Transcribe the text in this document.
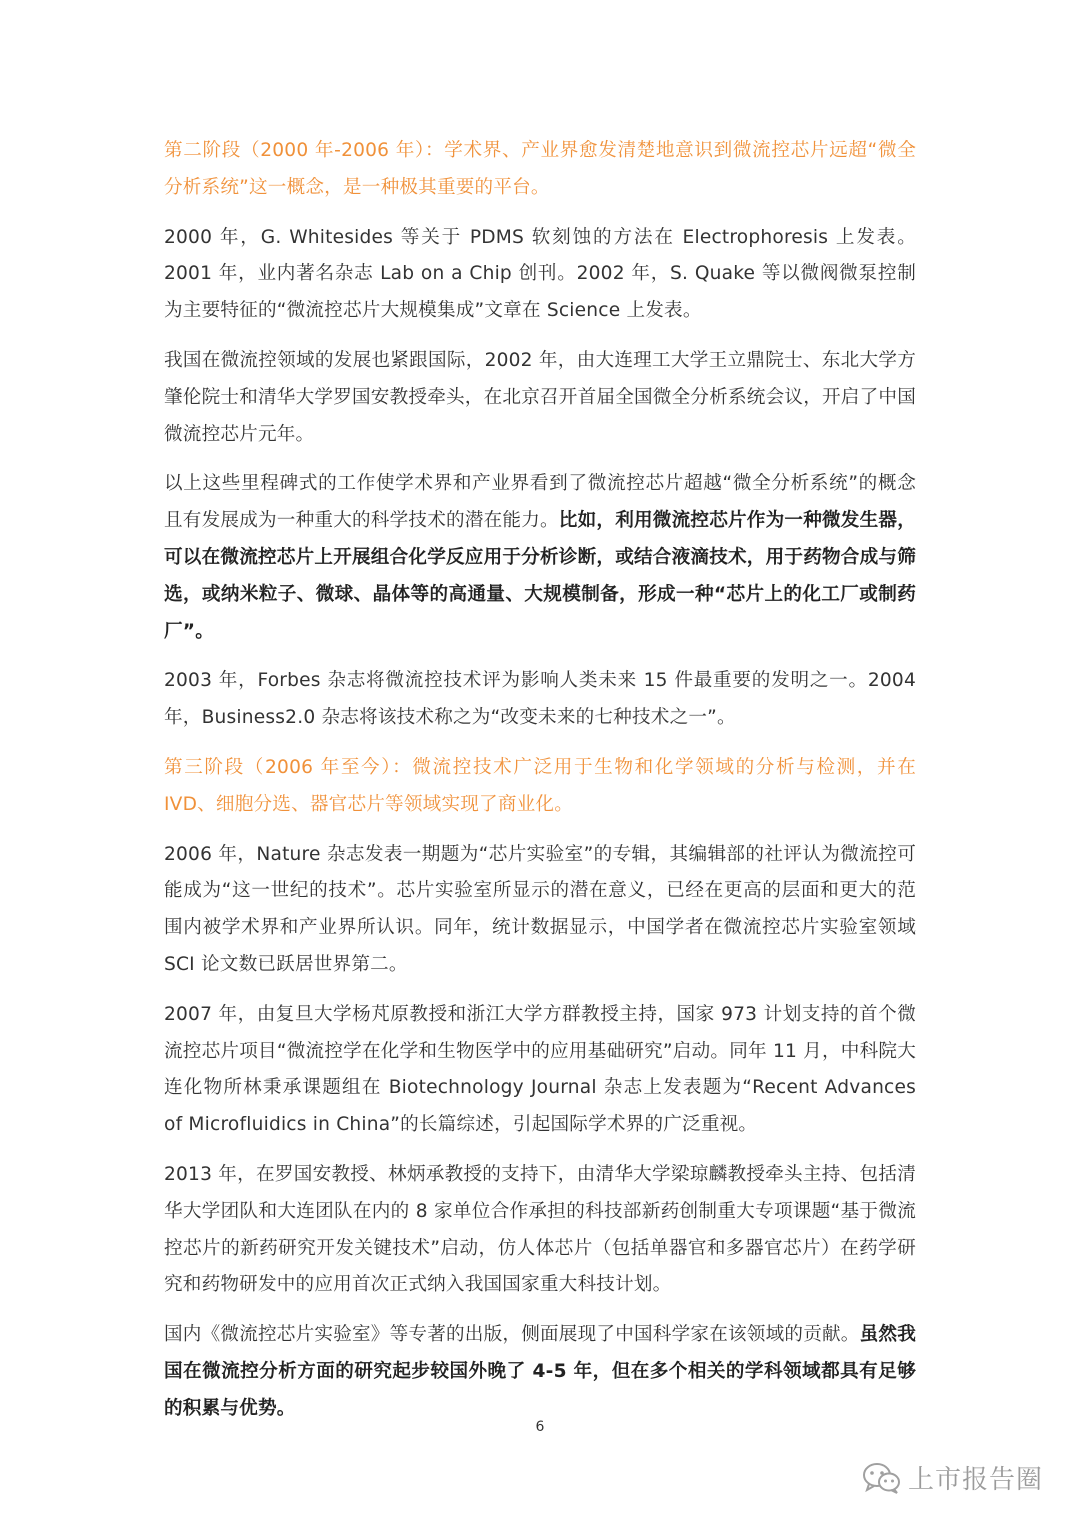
第二阶段（2000 年-2006 年）：学术界、产业界愈发清楚地意识到微流控芯片远超“微全分析系统”这一概念，是一种极其重要的平台。

2000 年，G. Whitesides 等关于 PDMS 软刻蚀的方法在 Electrophoresis 上发表。2001 年，业内著名杂志 Lab on a Chip 创刊。2002 年，S. Quake 等以微阀微泵控制为主要特征的“微流控芯片大规模集成”文章在 Science 上发表。

我国在微流控领域的发展也紧跟国际，2002 年，由大连理工大学王立鼎院士、东北大学方肇伦院士和清华大学罗国安教授牵头，在北京召开首届全国微全分析系统会议，开启了中国微流控芯片元年。

以上这些里程碑式的工作使学术界和产业界看到了微流控芯片超越“微全分析系统”的概念且有发展成为一种重大的科学技术的潜在能力。比如，利用微流控芯片作为一种微发生器，可以在微流控芯片上开展组合化学反应用于分析诊断，或结合液滴技术，用于药物合成与筛选，或纳米粒子、微球、晶体等的高通量、大规模制备，形成一种“芯片上的化工厂或制药厂”。

2003 年，Forbes 杂志将微流控技术评为影响人类未来 15 件最重要的发明之一。2004 年，Business2.0 杂志将该技术称之为“改变未来的七种技术之一”。

第三阶段（2006 年至今）：微流控技术广泛用于生物和化学领域的分析与检测，并在 IVD、细胞分选、器官芯片等领域实现了商业化。

2006 年，Nature 杂志发表一期题为“芯片实验室”的专辑，其编辑部的社评认为微流控可能成为“这一世纪的技术”。芯片实验室所显示的潜在意义，已经在更高的层面和更大的范围内被学术界和产业界所认识。同年，统计数据显示，中国学者在微流控芯片实验室领域 SCI 论文数已跃居世界第二。

2007 年，由复旦大学杨芃原教授和浙江大学方群教授主持，国家 973 计划支持的首个微流控芯片项目“微流控学在化学和生物医学中的应用基础研究”启动。同年 11 月，中科院大连化物所林秉承课题组在 Biotechnology Journal 杂志上发表题为“Recent Advances of Microfluidics in China”的长篇综述，引起国际学术界的广泛重视。

2013 年，在罗国安教授、林炳承教授的支持下，由清华大学梁琼麟教授牵头主持、包括清华大学团队和大连团队在内的 8 家单位合作承担的科技部新药创制重大专项课题“基于微流控芯片的新药研究开发关键技术”启动，仿人体芯片（包括单器官和多器官芯片）在药学研究和药物研发中的应用首次正式纳入我国国家重大科技计划。

国内《微流控芯片实验室》等专著的出版，侧面展现了中国科学家在该领域的贡献。虽然我国在微流控分析方面的研究起步较国外晚了 4-5 年，但在多个相关的学科领域都具有足够的积累与优势。

6
上市报告圈
